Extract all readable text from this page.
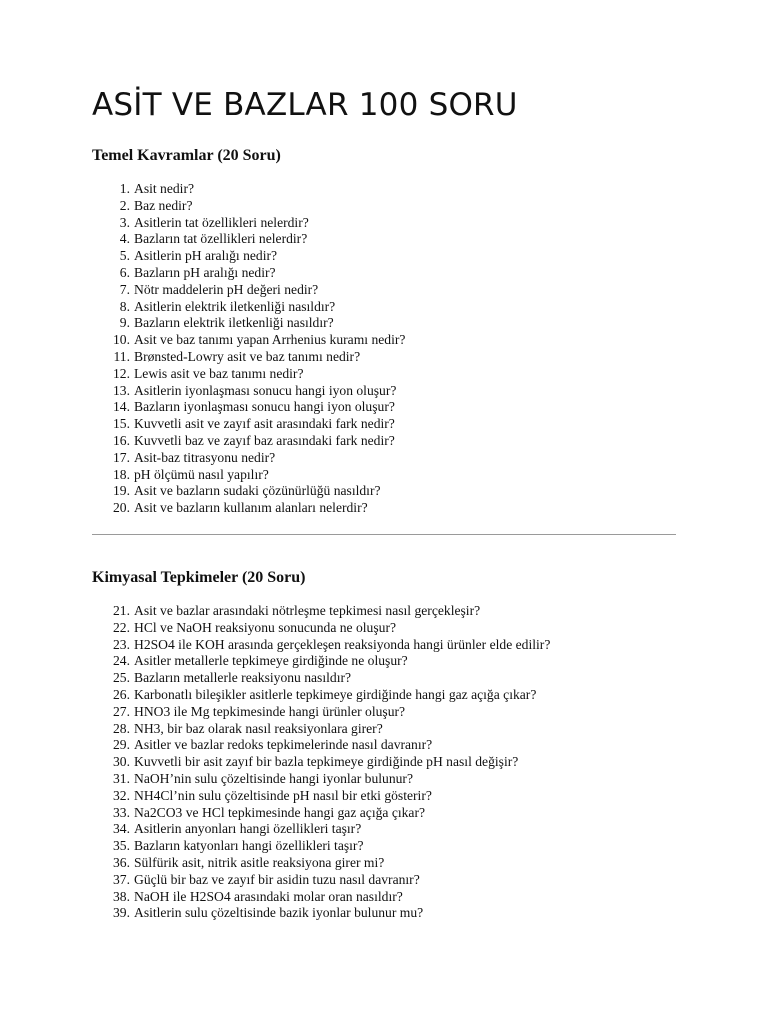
ASİT VE BAZLAR 100 SORU
Temel Kavramlar (20 Soru)
1. Asit nedir?
2. Baz nedir?
3. Asitlerin tat özellikleri nelerdir?
4. Bazların tat özellikleri nelerdir?
5. Asitlerin pH aralığı nedir?
6. Bazların pH aralığı nedir?
7. Nötr maddelerin pH değeri nedir?
8. Asitlerin elektrik iletkenliği nasıldır?
9. Bazların elektrik iletkenliği nasıldır?
10. Asit ve baz tanımı yapan Arrhenius kuramı nedir?
11. Brønsted-Lowry asit ve baz tanımı nedir?
12. Lewis asit ve baz tanımı nedir?
13. Asitlerin iyonlaşması sonucu hangi iyon oluşur?
14. Bazların iyonlaşması sonucu hangi iyon oluşur?
15. Kuvvetli asit ve zayıf asit arasındaki fark nedir?
16. Kuvvetli baz ve zayıf baz arasındaki fark nedir?
17. Asit-baz titrasyonu nedir?
18. pH ölçümü nasıl yapılır?
19. Asit ve bazların sudaki çözünürlüğü nasıldır?
20. Asit ve bazların kullanım alanları nelerdir?
Kimyasal Tepkimeler (20 Soru)
21. Asit ve bazlar arasındaki nötrleşme tepkimesi nasıl gerçekleşir?
22. HCl ve NaOH reaksiyonu sonucunda ne oluşur?
23. H2SO4 ile KOH arasında gerçekleşen reaksiyonda hangi ürünler elde edilir?
24. Asitler metallerle tepkimeye girdiğinde ne oluşur?
25. Bazların metallerle reaksiyonu nasıldır?
26. Karbonatlı bileşikler asitlerle tepkimeye girdiğinde hangi gaz açığa çıkar?
27. HNO3 ile Mg tepkimesinde hangi ürünler oluşur?
28. NH3, bir baz olarak nasıl reaksiyonlara girer?
29. Asitler ve bazlar redoks tepkimelerinde nasıl davranır?
30. Kuvvetli bir asit zayıf bir bazla tepkimeye girdiğinde pH nasıl değişir?
31. NaOH’nin sulu çözeltisinde hangi iyonlar bulunur?
32. NH4Cl’nin sulu çözeltisinde pH nasıl bir etki gösterir?
33. Na2CO3 ve HCl tepkimesinde hangi gaz açığa çıkar?
34. Asitlerin anyonları hangi özellikleri taşır?
35. Bazların katyonları hangi özellikleri taşır?
36. Sülfürik asit, nitrik asitle reaksiyona girer mi?
37. Güçlü bir baz ve zayıf bir asidin tuzu nasıl davranır?
38. NaOH ile H2SO4 arasındaki molar oran nasıldır?
39. Asitlerin sulu çözeltisinde bazik iyonlar bulunur mu?
